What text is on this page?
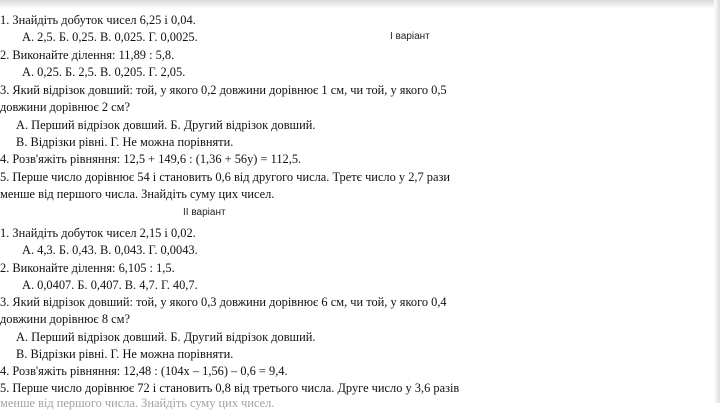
І варіант
1. Знайдіть добуток чисел 6,25 і 0,04.
А. 2,5. Б. 0,25. В. 0,025. Г. 0,0025.
2. Виконайте ділення: 11,89 : 5,8.
А. 0,25. Б. 2,5. В. 0,205. Г. 2,05.
3. Який відрізок довший: той, у якого 0,2 довжини дорівнює 1 см, чи той, у якого 0,5
довжини дорівнює 2 см?
А. Перший відрізок довший. Б. Другий відрізок довший.
В. Відрізки рівні. Г. Не можна порівняти.
4. Розв'яжіть рівняння: 12,5 + 149,6 : (1,36 + 56y) = 112,5.
5. Перше число дорівнює 54 і становить 0,6 від другого числа. Третє число у 2,7 рази
менше від першого числа. Знайдіть суму цих чисел.
ІІ варіант
1. Знайдіть добуток чисел 2,15 і 0,02.
А. 4,3. Б. 0,43. В. 0,043. Г. 0,0043.
2. Виконайте ділення: 6,105 : 1,5.
А. 0,0407. Б. 0,407. В. 4,7. Г. 40,7.
3. Який відрізок довший: той, у якого 0,3 довжини дорівнює 6 см, чи той, у якого 0,4
довжини дорівнює 8 см?
А. Перший відрізок довший. Б. Другий відрізок довший.
В. Відрізки рівні. Г. Не можна порівняти.
4. Розв'яжіть рівняння: 12,48 : (104x – 1,56) – 0,6 = 9,4.
5. Перше число дорівнює 72 і становить 0,8 від третього числа. Друге число у 3,6 разів
менше від першого числа. Знайдіть суму цих чисел.
